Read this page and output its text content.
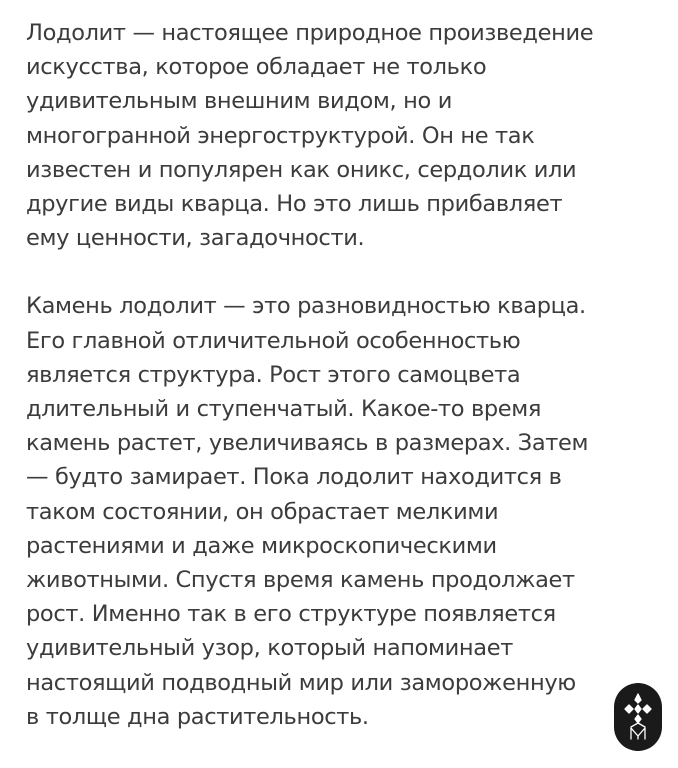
Лодолит — настоящее природное произведение
искусства, которое обладает не только
удивительным внешним видом, но и
многогранной энергоструктурой. Он не так
известен и популярен как оникс, сердолик или
другие виды кварца. Но это лишь прибавляет
ему ценности, загадочности.

Камень лодолит — это разновидностью кварца.
Его главной отличительной особенностью
является структура. Рост этого самоцвета
длительный и ступенчатый. Какое-то время
камень растет, увеличиваясь в размерах. Затем
— будто замирает. Пока лодолит находится в
таком состоянии, он обрастает мелкими
растениями и даже микроскопическими
животными. Спустя время камень продолжает
рост. Именно так в его структуре появляется
удивительный узор, который напоминает
настоящий подводный мир или замороженную
в толще дна растительность.
